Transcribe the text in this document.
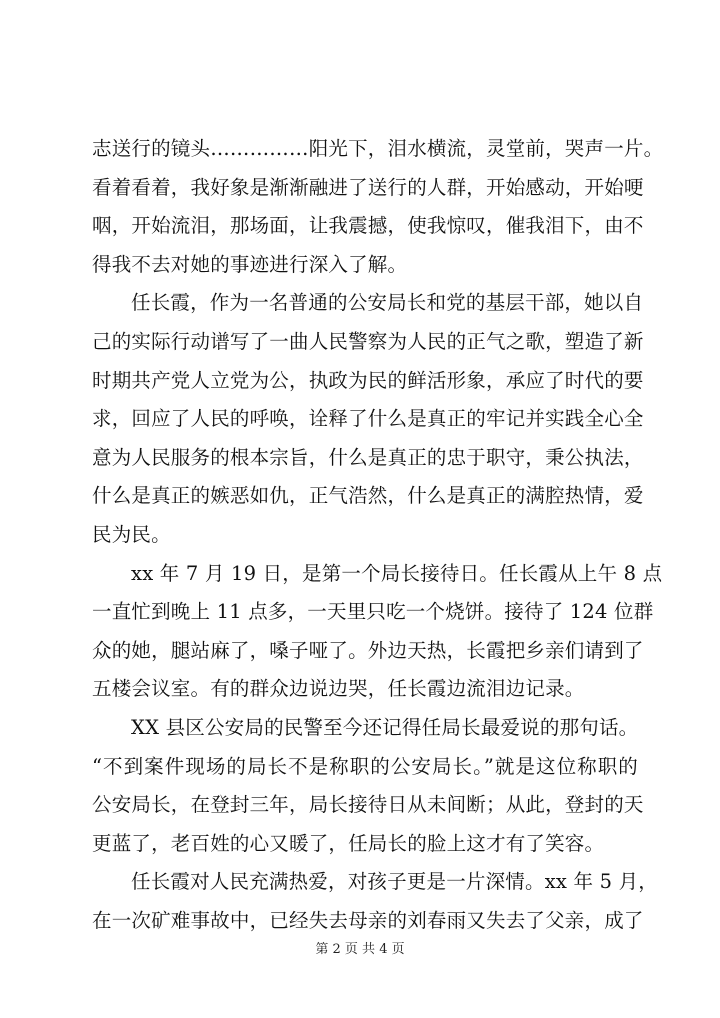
志送行的镜头……………阳光下，泪水横流，灵堂前，哭声一片。
看着看着，我好象是渐渐融进了送行的人群，开始感动，开始哽
咽，开始流泪，那场面，让我震撼，使我惊叹，催我泪下，由不
得我不去对她的事迹进行深入了解。
任长霞，作为一名普通的公安局长和党的基层干部，她以自
己的实际行动谱写了一曲人民警察为人民的正气之歌，塑造了新
时期共产党人立党为公，执政为民的鲜活形象，承应了时代的要
求，回应了人民的呼唤，诠释了什么是真正的牢记并实践全心全
意为人民服务的根本宗旨，什么是真正的忠于职守，秉公执法，
什么是真正的嫉恶如仇，正气浩然，什么是真正的满腔热情，爱
民为民。
xx 年 7 月 19 日，是第一个局长接待日。任长霞从上午 8 点
一直忙到晚上 11 点多，一天里只吃一个烧饼。接待了 124 位群
众的她，腿站麻了，嗓子哑了。外边天热，长霞把乡亲们请到了
五楼会议室。有的群众边说边哭，任长霞边流泪边记录。
XX 县区公安局的民警至今还记得任局长最爱说的那句话。
“不到案件现场的局长不是称职的公安局长。”就是这位称职的
公安局长，在登封三年，局长接待日从未间断；从此，登封的天
更蓝了，老百姓的心又暖了，任局长的脸上这才有了笑容。
任长霞对人民充满热爱，对孩子更是一片深情。xx 年 5 月，
在一次矿难事故中，已经失去母亲的刘春雨又失去了父亲，成了
第 2 页 共 4 页
